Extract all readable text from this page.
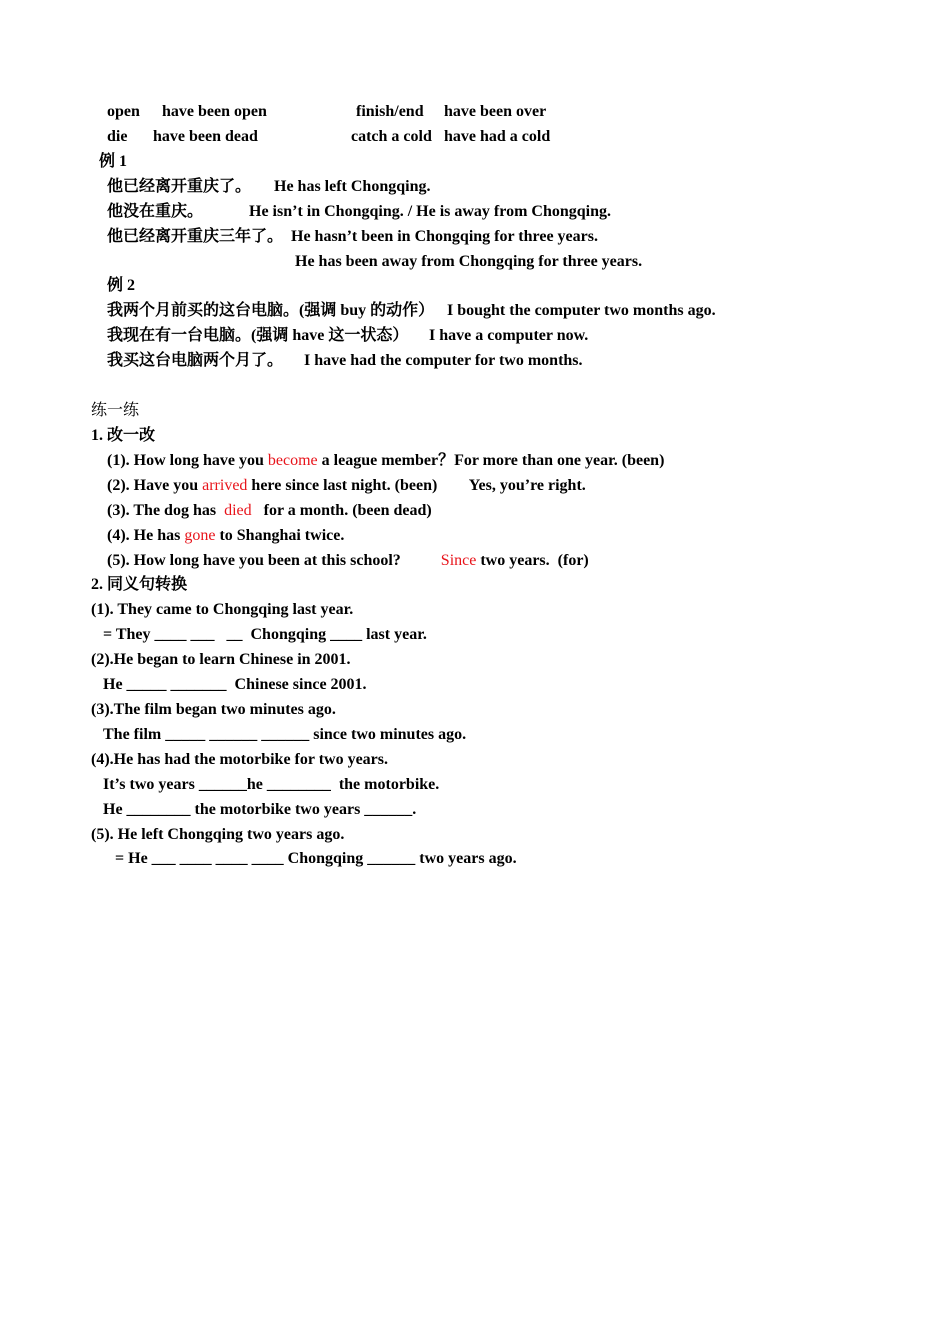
open have been open	finish/end have been over
die have been dead	catch a cold have had a cold
例 1
他已经离开重庆了。 He has left Chongqing.
他没在重庆。	He isn’t in Chongqing. / He is away from Chongqing.
他已经离开重庆三年了。 He hasn’t been in Chongqing for three years.
He has been away from Chongqing for three years.
例 2
我两个月前买的这台电脑。(强调 buy 的动作） I bought the computer two months ago.
我现在有一台电脑。(强调 have 这一状态） I have a computer now.
我买这台电脑两个月了。 I have had the computer for two months.
练一练
1. 改一改
(1). How long have you become a league member？For more than one year. (been)
(2). Have you arrived here since last night. (been)        Yes, you’re right.
(3). The dog has  died   for a month. (been dead)
(4). He has gone to Shanghai twice.
(5). How long have you been at this school?          Since two years.  (for)
2. 同义句转换
(1). They came to Chongqing last year.
= They ____ ___   __  Chongqing ____ last year.
(2).He began to learn Chinese in 2001.
He _____ _______  Chinese since 2001.
(3).The film began two minutes ago.
The film _____ ______ ______ since two minutes ago.
(4).He has had the motorbike for two years.
It’s two years ______he ________  the motorbike.
He ________ the motorbike two years ______.
(5). He left Chongqing two years ago.
= He ___ ____ ____ ____ Chongqing ______ two years ago.
